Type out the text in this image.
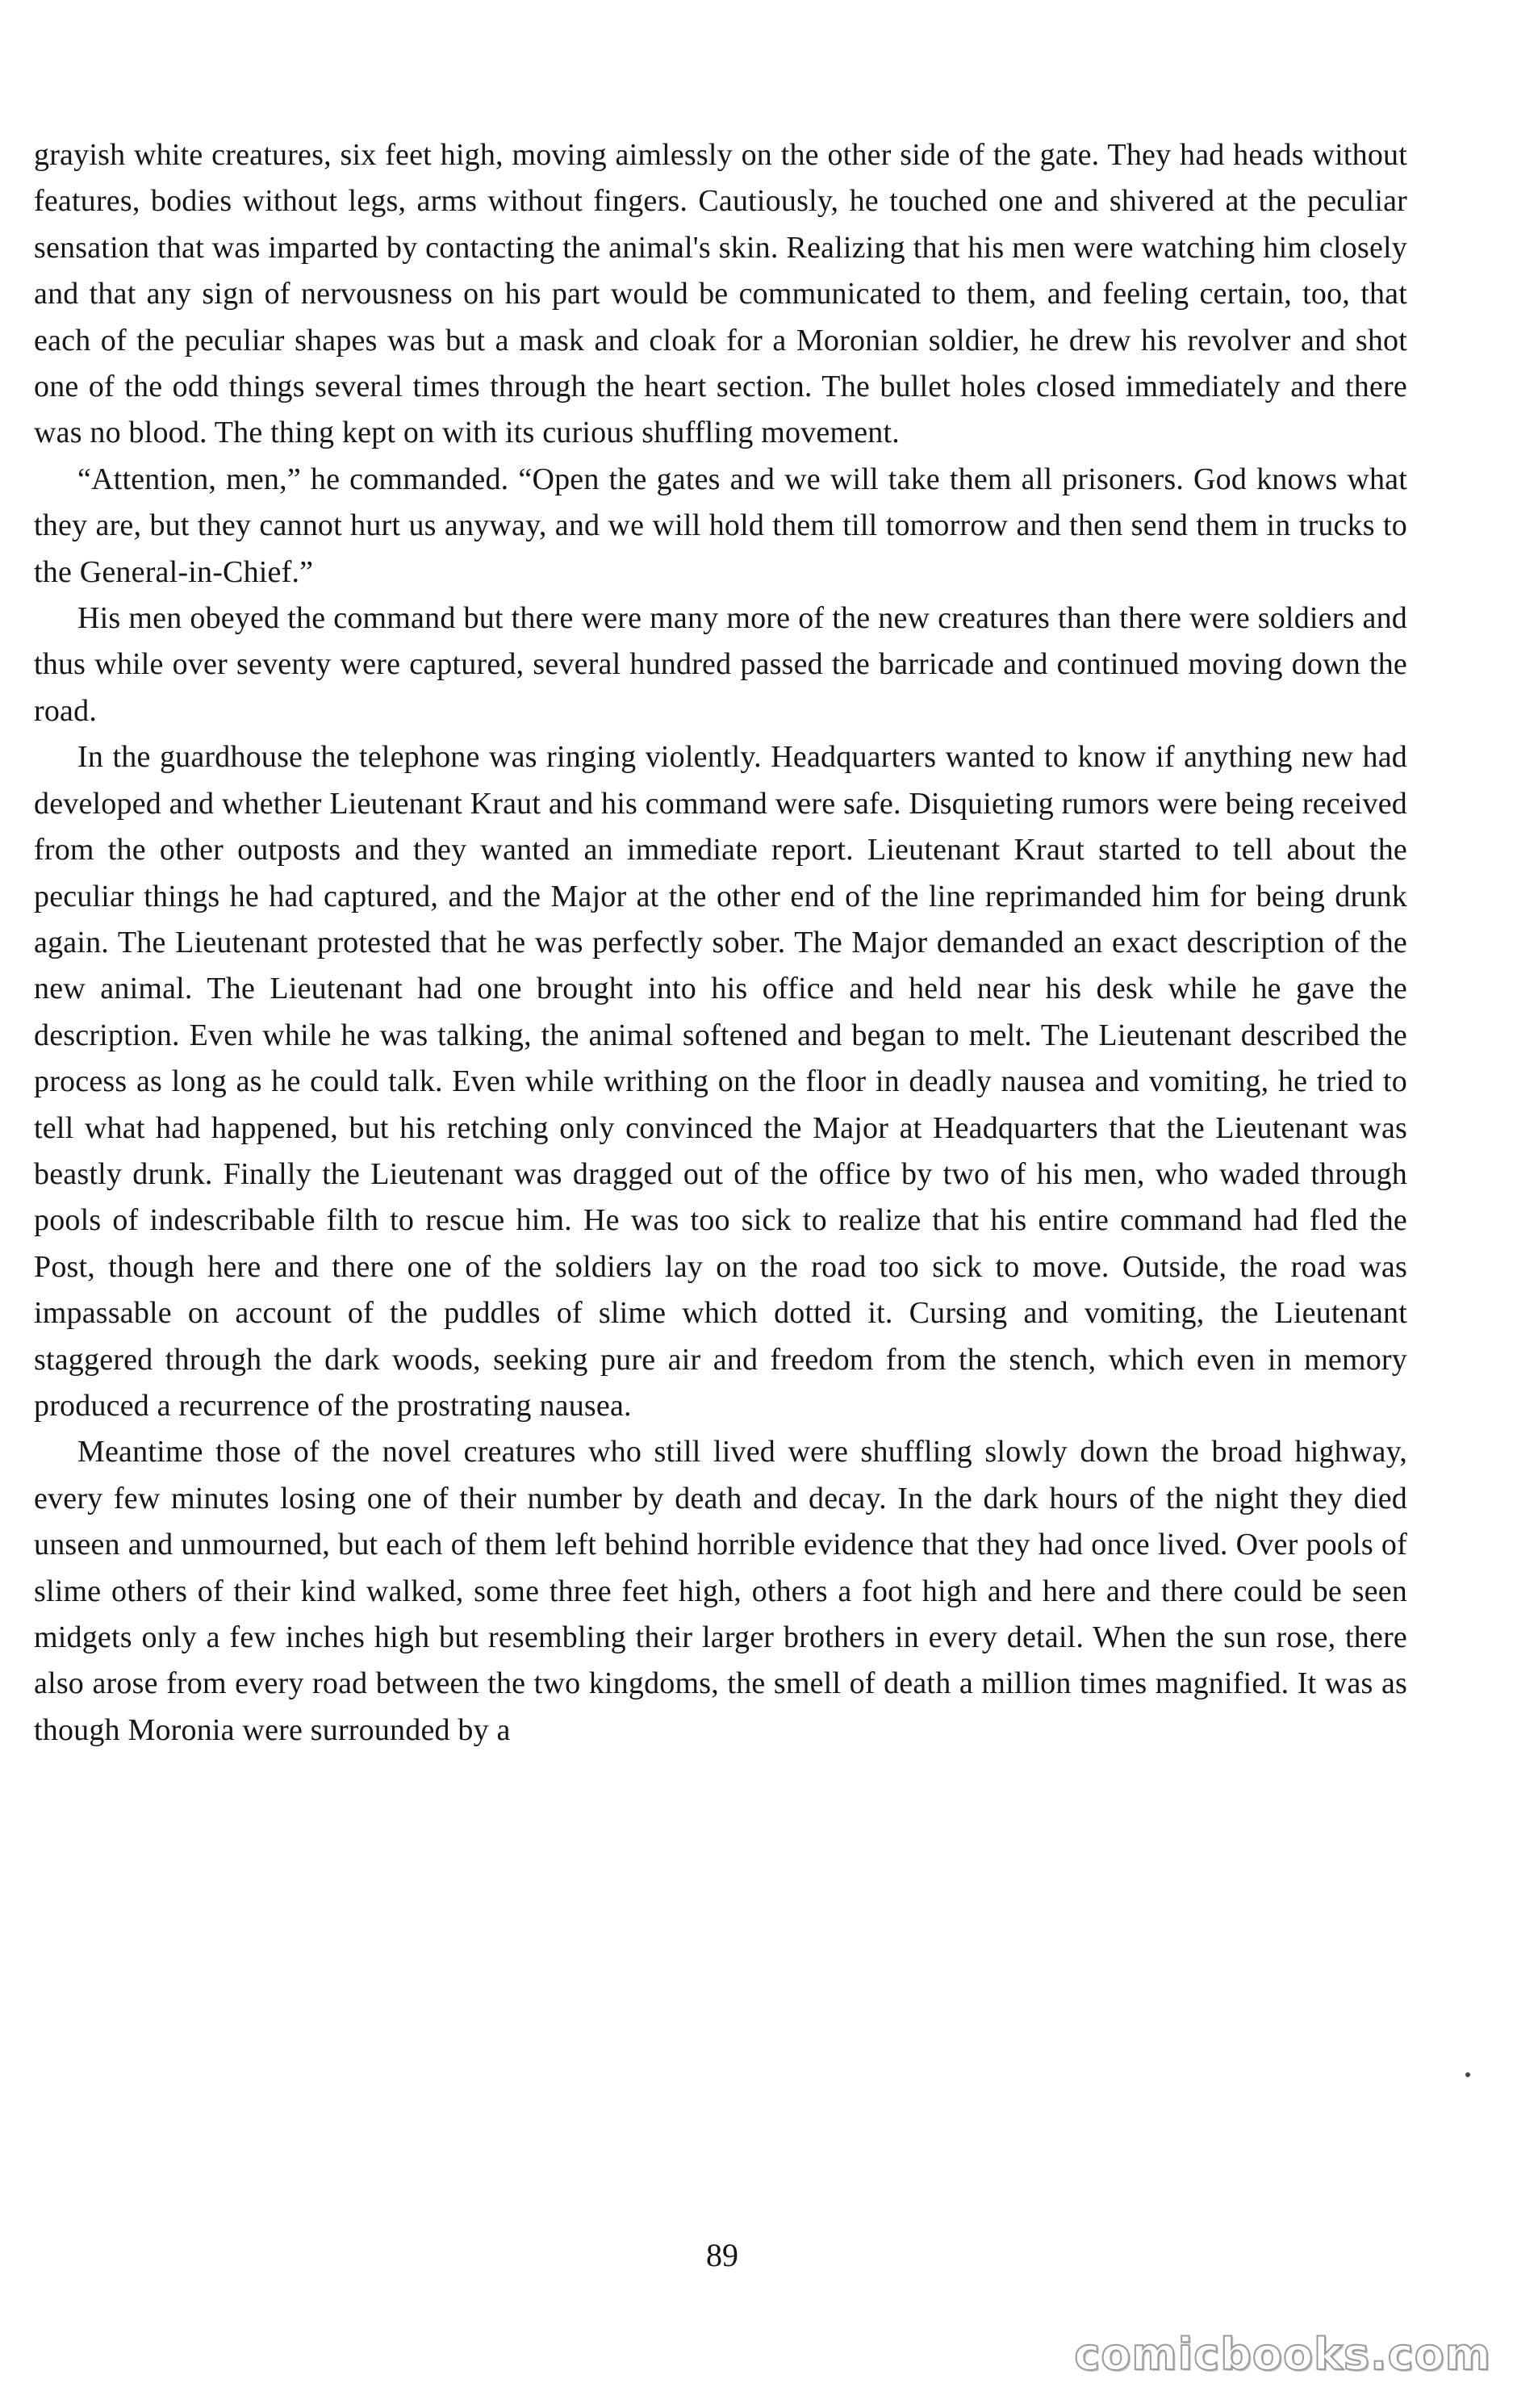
grayish white creatures, six feet high, moving aimlessly on the other side of the gate. They had heads without features, bodies without legs, arms without fingers. Cautiously, he touched one and shivered at the peculiar sensation that was imparted by contacting the animal's skin. Realizing that his men were watching him closely and that any sign of nervousness on his part would be communicated to them, and feeling certain, too, that each of the peculiar shapes was but a mask and cloak for a Moronian soldier, he drew his revolver and shot one of the odd things several times through the heart section. The bullet holes closed immediately and there was no blood. The thing kept on with its curious shuffling movement.

“Attention, men,” he commanded. “Open the gates and we will take them all prisoners. God knows what they are, but they cannot hurt us anyway, and we will hold them till tomorrow and then send them in trucks to the General-in-Chief.”

His men obeyed the command but there were many more of the new creatures than there were soldiers and thus while over seventy were captured, several hundred passed the barricade and continued moving down the road.

In the guardhouse the telephone was ringing violently. Headquarters wanted to know if anything new had developed and whether Lieutenant Kraut and his command were safe. Disquieting rumors were being received from the other outposts and they wanted an immediate report. Lieutenant Kraut started to tell about the peculiar things he had captured, and the Major at the other end of the line reprimanded him for being drunk again. The Lieutenant protested that he was perfectly sober. The Major demanded an exact description of the new animal. The Lieutenant had one brought into his office and held near his desk while he gave the description. Even while he was talking, the animal softened and began to melt. The Lieutenant described the process as long as he could talk. Even while writhing on the floor in deadly nausea and vomiting, he tried to tell what had happened, but his retching only convinced the Major at Headquarters that the Lieutenant was beastly drunk. Finally the Lieutenant was dragged out of the office by two of his men, who waded through pools of indescribable filth to rescue him. He was too sick to realize that his entire command had fled the Post, though here and there one of the soldiers lay on the road too sick to move. Outside, the road was impassable on account of the puddles of slime which dotted it. Cursing and vomiting, the Lieutenant staggered through the dark woods, seeking pure air and freedom from the stench, which even in memory produced a recurrence of the prostrating nausea.

Meantime those of the novel creatures who still lived were shuffling slowly down the broad highway, every few minutes losing one of their number by death and decay. In the dark hours of the night they died unseen and unmourned, but each of them left behind horrible evidence that they had once lived. Over pools of slime others of their kind walked, some three feet high, others a foot high and here and there could be seen midgets only a few inches high but resembling their larger brothers in every detail. When the sun rose, there also arose from every road between the two kingdoms, the smell of death a million times magnified. It was as though Moronia were surrounded by a

89
comicbooks.com
